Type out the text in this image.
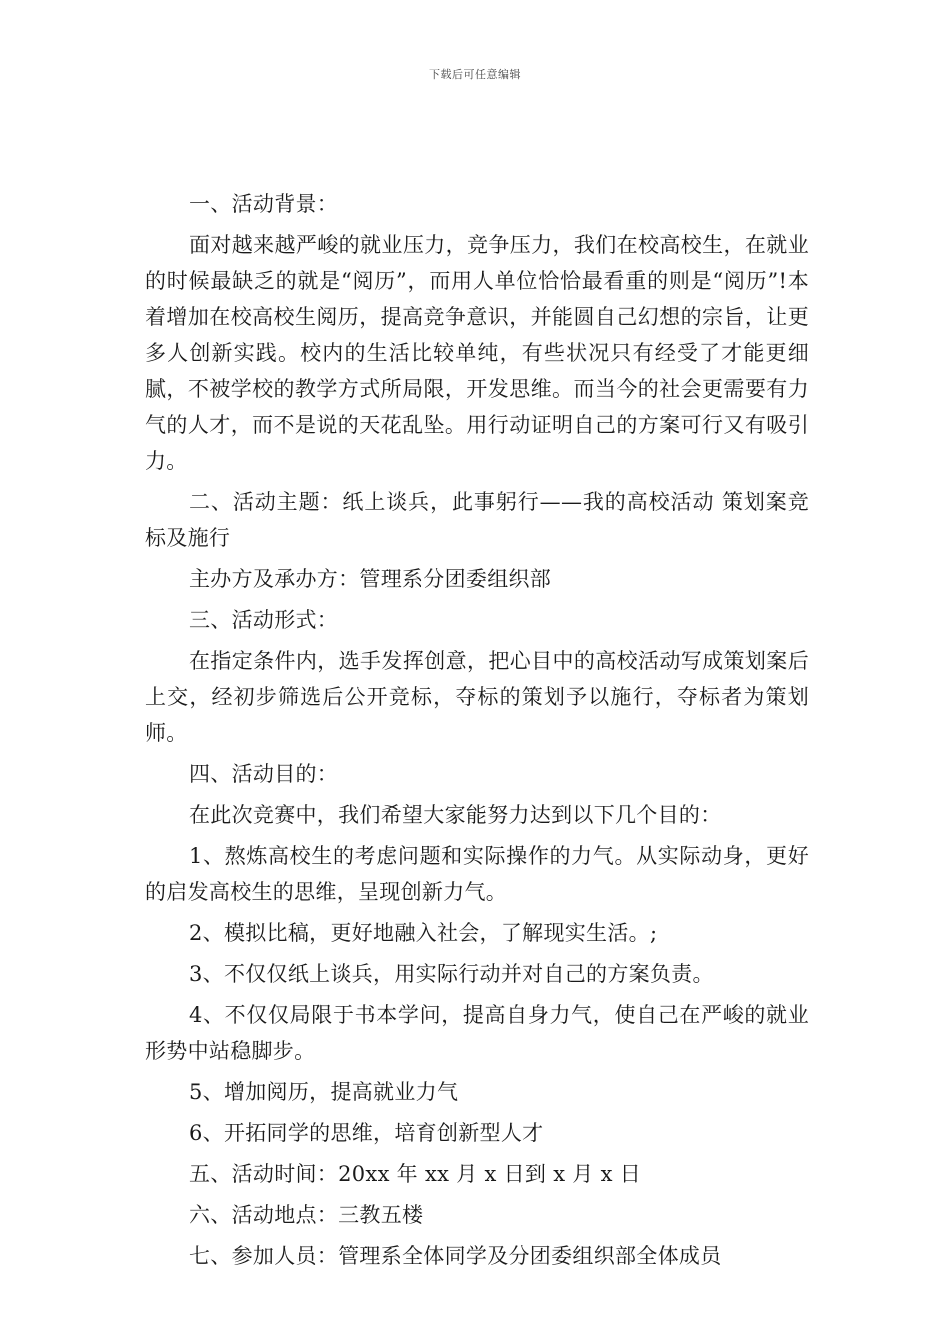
下载后可任意编辑

一、活动背景：

面对越来越严峻的就业压力，竞争压力，我们在校高校生，在就业的时候最缺乏的就是“阅历”，而用人单位恰恰最看重的则是“阅历”!本着增加在校高校生阅历，提高竞争意识，并能圆自己幻想的宗旨，让更多人创新实践。校内的生活比较单纯，有些状况只有经受了才能更细腻，不被学校的教学方式所局限，开发思维。而当今的社会更需要有力气的人才，而不是说的天花乱坠。用行动证明自己的方案可行又有吸引力。

二、活动主题：纸上谈兵，此事躬行——我的高校活动 策划案竞标及施行

主办方及承办方：管理系分团委组织部

三、活动形式：

在指定条件内，选手发挥创意，把心目中的高校活动写成策划案后上交，经初步筛选后公开竞标，夺标的策划予以施行，夺标者为策划师。

四、活动目的：

在此次竞赛中，我们希望大家能努力达到以下几个目的：

1、熬炼高校生的考虑问题和实际操作的力气。从实际动身，更好的启发高校生的思维，呈现创新力气。

2、模拟比稿，更好地融入社会，了解现实生活。;

3、不仅仅纸上谈兵，用实际行动并对自己的方案负责。

4、不仅仅局限于书本学问，提高自身力气，使自己在严峻的就业形势中站稳脚步。

5、增加阅历，提高就业力气

6、开拓同学的思维，培育创新型人才

五、活动时间：20xx 年 xx 月 x 日到 x 月 x 日

六、活动地点：三教五楼

七、参加人员：管理系全体同学及分团委组织部全体成员
